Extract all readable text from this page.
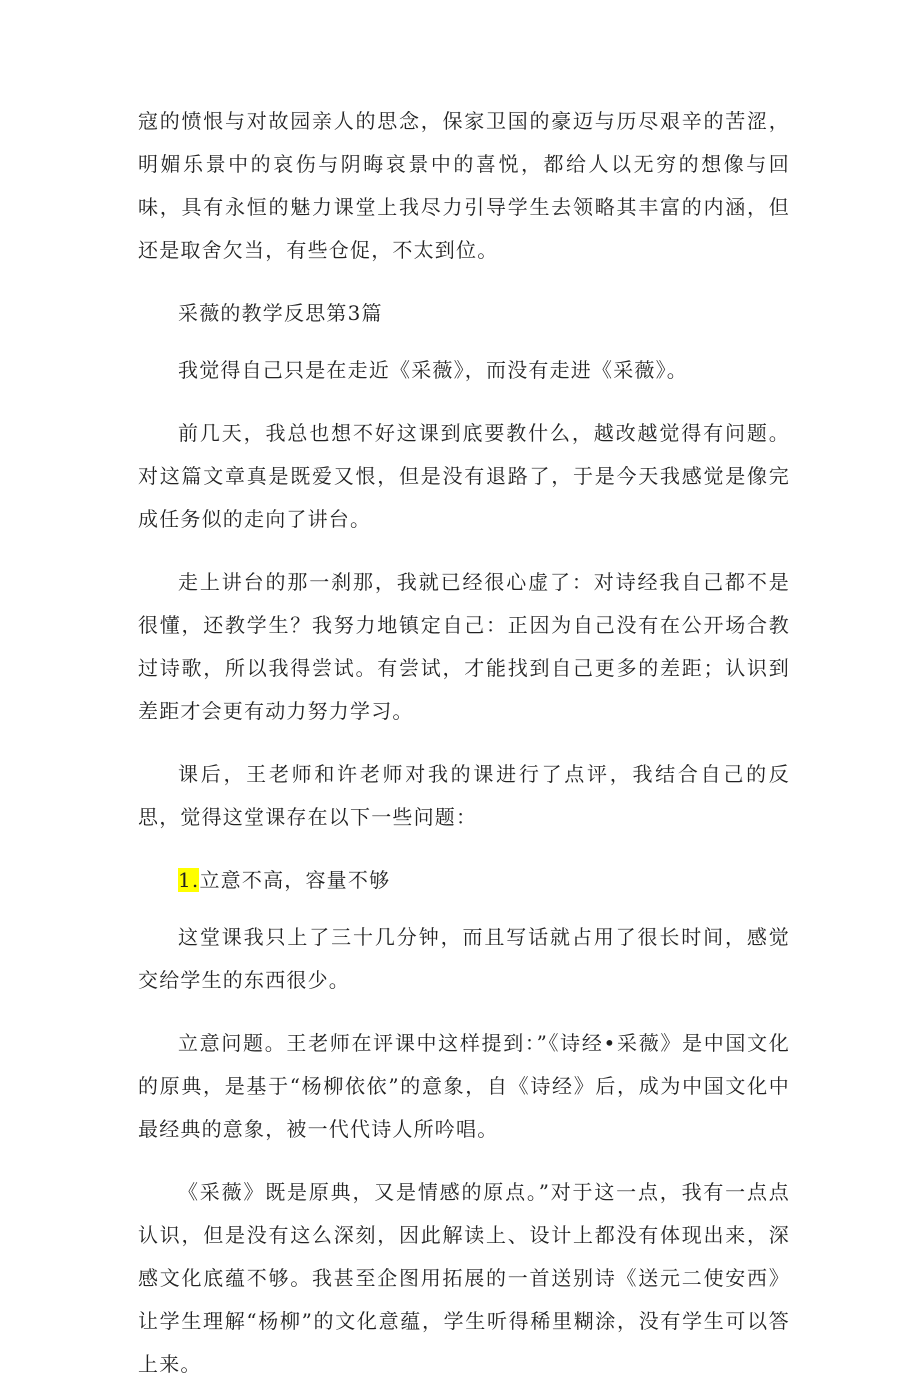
寇的愤恨与对故园亲人的思念，保家卫国的豪迈与历尽艰辛的苦涩，明媚乐景中的哀伤与阴晦哀景中的喜悦，都给人以无穷的想像与回味，具有永恒的魅力课堂上我尽力引导学生去领略其丰富的内涵，但还是取舍欠当，有些仓促，不太到位。

采薇的教学反思第3篇

我觉得自己只是在走近《采薇》，而没有走进《采薇》。

前几天，我总也想不好这课到底要教什么，越改越觉得有问题。对这篇文章真是既爱又恨，但是没有退路了，于是今天我感觉是像完成任务似的走向了讲台。

走上讲台的那一刹那，我就已经很心虚了：对诗经我自己都不是很懂，还教学生？我努力地镇定自己：正因为自己没有在公开场合教过诗歌，所以我得尝试。有尝试，才能找到自己更多的差距；认识到差距才会更有动力努力学习。

课后，王老师和许老师对我的课进行了点评，我结合自己的反思，觉得这堂课存在以下一些问题：

1.立意不高，容量不够

这堂课我只上了三十几分钟，而且写话就占用了很长时间，感觉交给学生的东西很少。

立意问题。王老师在评课中这样提到：”《诗经•采薇》是中国文化的原典，是基于“杨柳依依”的意象，自《诗经》后，成为中国文化中最经典的意象，被一代代诗人所吟唱。

《采薇》既是原典，又是情感的原点。”对于这一点，我有一点点认识，但是没有这么深刻，因此解读上、设计上都没有体现出来，深感文化底蕴不够。我甚至企图用拓展的一首送别诗《送元二使安西》让学生理解“杨柳”的文化意蕴，学生听得稀里糊涂，没有学生可以答上来。
